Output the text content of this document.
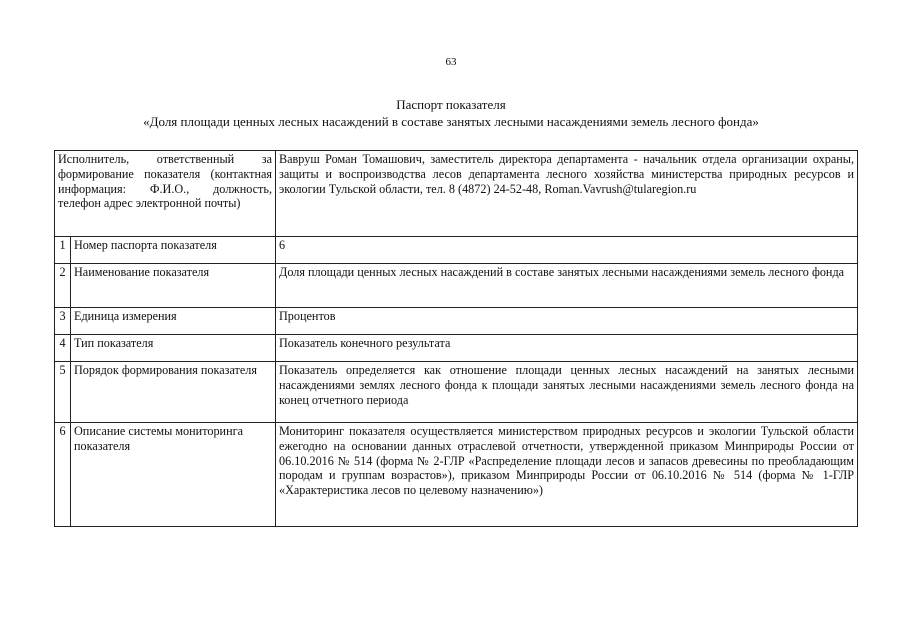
63
Паспорт показателя
«Доля площади ценных лесных насаждений в составе занятых лесными насаждениями земель лесного фонда»
Исполнитель, ответственный за формирование показателя (контактная информация: Ф.И.О., должность, телефон адрес электронной почты)		Вавруш Роман Томашович, заместитель директора департамента - начальник отдела организации охраны, защиты и воспроизводства лесов департамента лесного хозяйства министерства природных ресурсов и экологии Тульской области, тел. 8 (4872) 24-52-48, Roman.Vavrush@tularegion.ru
1	Номер паспорта показателя	6
2	Наименование показателя	Доля площади ценных лесных насаждений в составе занятых лесными насаждениями земель лесного фонда
3	Единица измерения	Процентов
4	Тип показателя	Показатель конечного результата
5	Порядок формирования показателя	Показатель определяется как отношение площади ценных лесных насаждений на занятых лесными насаждениями землях лесного фонда к площади занятых лесными насаждениями земель лесного фонда на конец отчетного периода
6	Описание системы мониторинга показателя	Мониторинг показателя осуществляется министерством природных ресурсов и экологии Тульской области ежегодно на основании данных отраслевой отчетности, утвержденной приказом Минприроды России от 06.10.2016 № 514 (форма № 2-ГЛР «Распределение площади лесов и запасов древесины по преобладающим породам и группам возрастов»), приказом Минприроды России от 06.10.2016 № 514 (форма № 1-ГЛР «Характеристика лесов по целевому назначению»)
